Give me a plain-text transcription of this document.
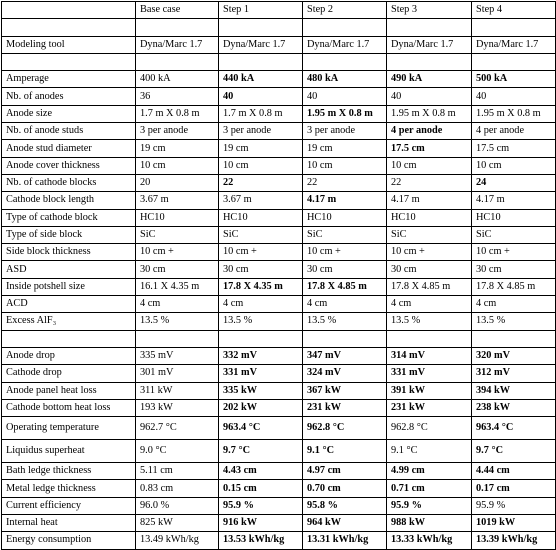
	Base case	Step 1	Step 2	Step 3	Step 4

Modeling tool	Dyna/Marc 1.7	Dyna/Marc 1.7	Dyna/Marc 1.7	Dyna/Marc 1.7	Dyna/Marc 1.7

Amperage	400 kA	440 kA	480 kA	490 kA	500 kA
Nb. of anodes	36	40	40	40	40
Anode size	1.7 m X 0.8 m	1.7 m X 0.8 m	1.95 m X 0.8 m	1.95 m X 0.8 m	1.95 m X 0.8 m
Nb. of anode studs	3 per anode	3 per anode	3 per anode	4 per anode	4 per anode
Anode stud diameter	19 cm	19 cm	19 cm	17.5 cm	17.5 cm
Anode cover thickness	10 cm	10 cm	10 cm	10 cm	10 cm
Nb. of cathode blocks	20	22	22	22	24
Cathode block length	3.67 m	3.67 m	4.17 m	4.17 m	4.17 m
Type of cathode block	HC10	HC10	HC10	HC10	HC10
Type of side block	SiC	SiC	SiC	SiC	SiC
Side block thickness	10 cm +	10 cm +	10 cm +	10 cm +	10 cm +
ASD	30 cm	30 cm	30 cm	30 cm	30 cm
Inside potshell size	16.1 X 4.35 m	17.8 X 4.35 m	17.8 X 4.85 m	17.8 X 4.85 m	17.8 X 4.85 m
ACD	4 cm	4 cm	4 cm	4 cm	4 cm
Excess AlF₃	13.5 %	13.5 %	13.5 %	13.5 %	13.5 %

Anode drop	335 mV	332 mV	347 mV	314 mV	320 mV
Cathode drop	301 mV	331 mV	324 mV	331 mV	312 mV
Anode panel heat loss	311 kW	335 kW	367 kW	391 kW	394 kW
Cathode bottom heat loss	193 kW	202 kW	231 kW	231 kW	238 kW
Operating temperature	962.7 °C	963.4 °C	962.8 °C	962.8 °C	963.4 °C
Liquidus superheat	9.0 °C	9.7 °C	9.1 °C	9.1 °C	9.7 °C
Bath ledge thickness	5.11 cm	4.43 cm	4.97 cm	4.99 cm	4.44 cm
Metal ledge thickness	0.83 cm	0.15 cm	0.70 cm	0.71 cm	0.17 cm
Current efficiency	96.0 %	95.9 %	95.8 %	95.9 %	95.9 %
Internal heat	825 kW	916 kW	964 kW	988 kW	1019 kW
Energy consumption	13.49 kWh/kg	13.53 kWh/kg	13.31 kWh/kg	13.33 kWh/kg	13.39 kWh/kg
